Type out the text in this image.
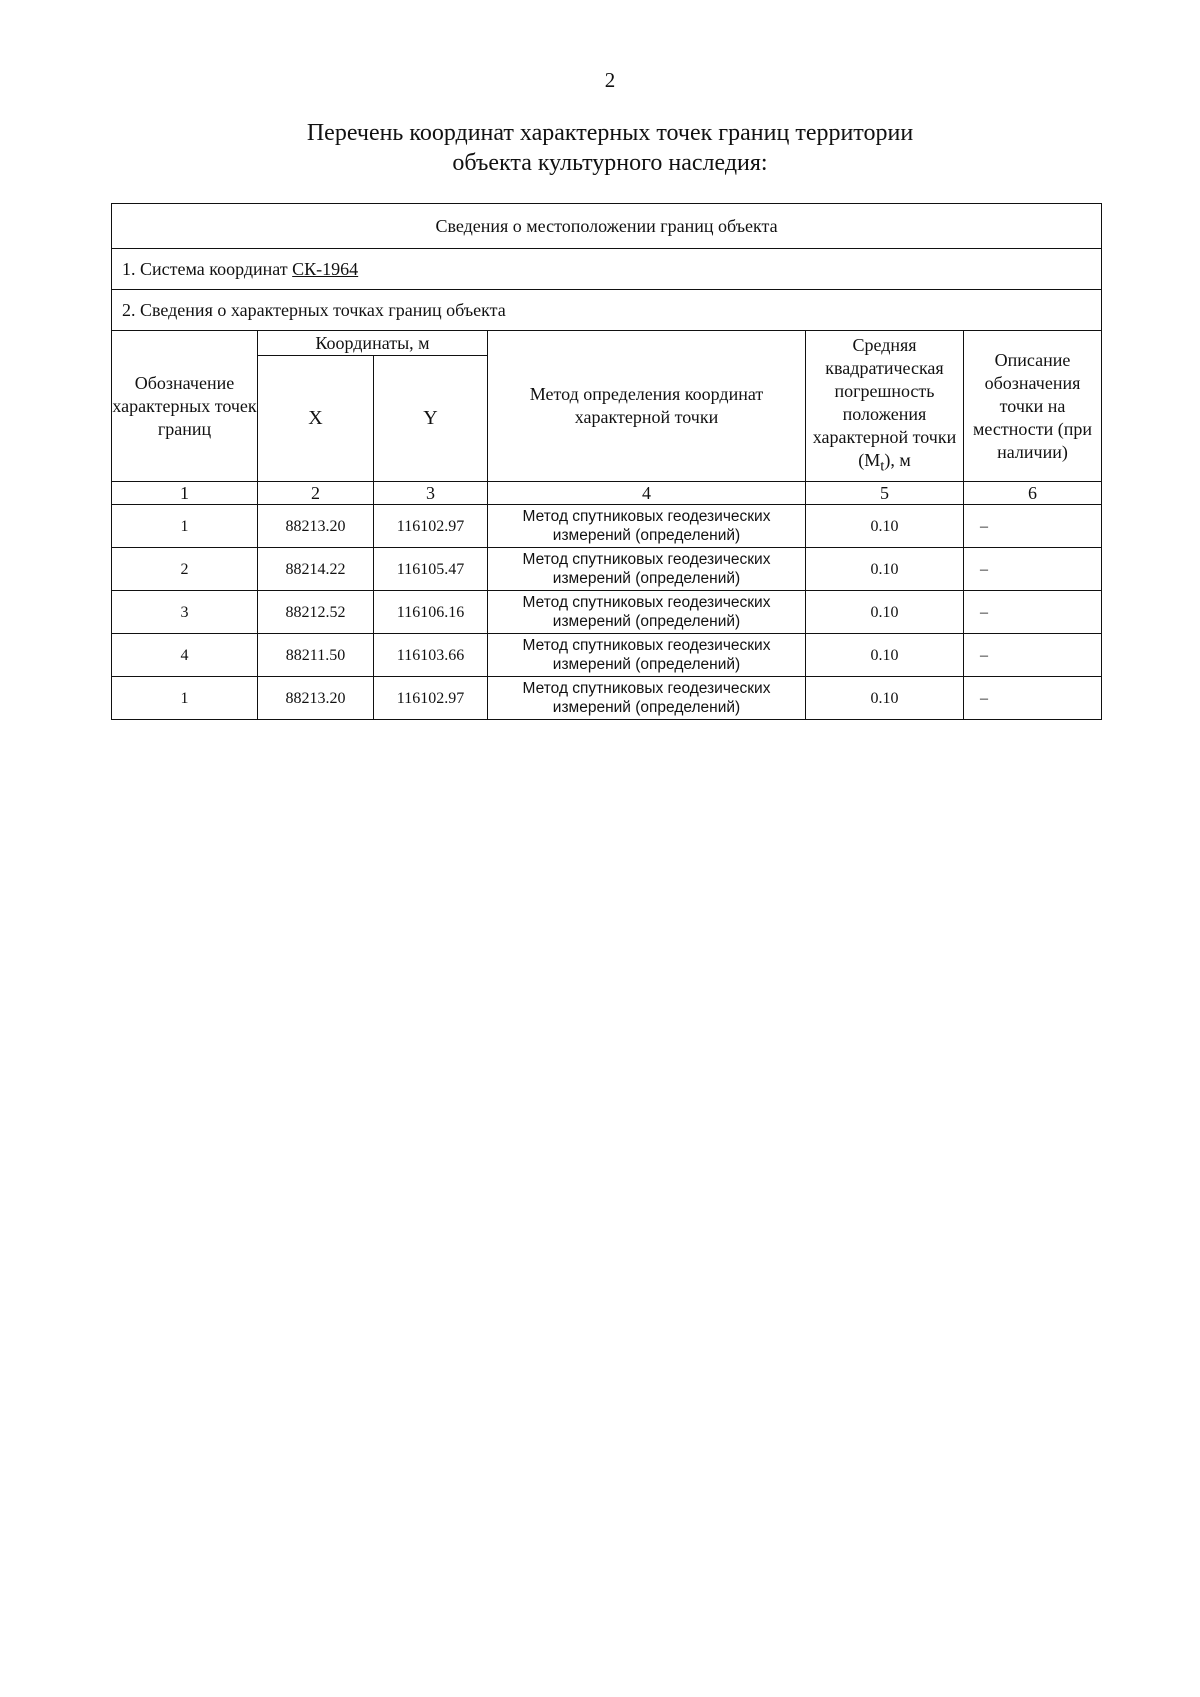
2
Перечень координат характерных точек границ территории
объекта культурного наследия:
Сведения о местоположении границ объекта					
1. Система координат СК-1964					
2. Сведения о характерных точках границ объекта					
Обозначение характерных точек границ	Координаты, м		Метод определения координат характерной точки	Средняя квадратическая погрешность положения характерной точки $(M_t)$, м	Описание обозначения точки на местности (при наличии)
	X	Y			
1	2	3	4	5	6
1	88213.20	116102.97	Метод спутниковых геодезических измерений (определений)	0.10	–
2	88214.22	116105.47	Метод спутниковых геодезических измерений (определений)	0.10	–
3	88212.52	116106.16	Метод спутниковых геодезических измерений (определений)	0.10	–
4	88211.50	116103.66	Метод спутниковых геодезических измерений (определений)	0.10	–
1	88213.20	116102.97	Метод спутниковых геодезических измерений (определений)	0.10	–
